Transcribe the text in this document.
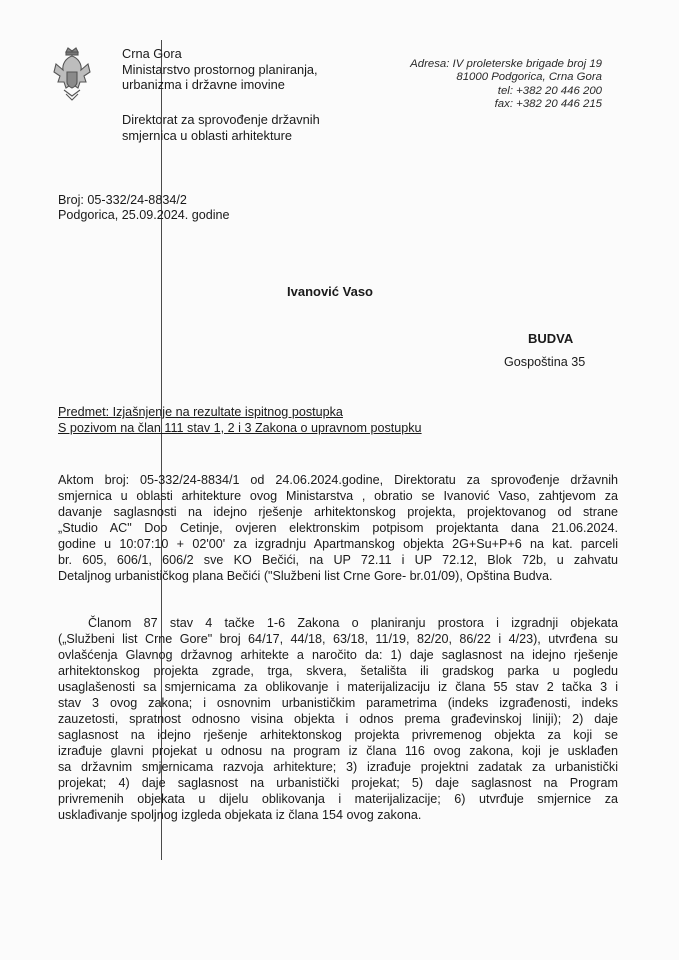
Crna Gora
Ministarstvo prostornog planiranja,
urbanizma i državne imovine
Direktorat za sprovođenje državnih
smjernica u oblasti arhitekture
Adresa: IV proleterske brigade broj 19
81000 Podgorica, Crna Gora
tel: +382 20 446 200
fax: +382 20 446 215
Broj: 05-332/24-8834/2
Podgorica, 25.09.2024. godine
Ivanović Vaso
BUDVA
Gospoština 35
Predmet: Izjašnjenje na rezultate ispitnog postupka
S pozivom na član 111 stav 1, 2 i 3 Zakona o upravnom postupku
Aktom broj: 05-332/24-8834/1 od 24.06.2024.godine, Direktoratu za sprovođenje državnih
smjernica u oblasti arhitekture ovog Ministarstva , obratio se Ivanović Vaso, zahtjevom za
davanje saglasnosti na idejno rješenje arhitektonskog projekta, projektovanog od strane
„Studio AC" Doo Cetinje, ovjeren elektronskim potpisom projektanta dana 21.06.2024.
godine u 10:07:10 + 02'00' za izgradnju Apartmanskog objekta 2G+Su+P+6 na kat. parceli
br. 605, 606/1, 606/2 sve KO Bečići, na UP 72.11 i UP 72.12, Blok 72b, u zahvatu
Detaljnog urbanističkog plana Bečići ("Službeni list Crne Gore- br.01/09), Opština Budva.
Članom 87 stav 4 tačke 1-6 Zakona o planiranju prostora i izgradnji objekata
(„Službeni list Crne Gore" broj 64/17, 44/18, 63/18, 11/19, 82/20, 86/22 i 4/23), utvrđena su
ovlašćenja Glavnog državnog arhitekte a naročito da: 1) daje saglasnost na idejno rješenje
arhitektonskog projekta zgrade, trga, skvera, šetališta ili gradskog parka u pogledu
usaglašenosti sa smjernicama za oblikovanje i materijalizaciju iz člana 55 stav 2 tačka 3 i
stav 3 ovog zakona; i osnovnim urbanističkim parametrima (indeks izgrađenosti, indeks
zauzetosti, spratnost odnosno visina objekta i odnos prema građevinskoj liniji); 2) daje
saglasnost na idejno rješenje arhitektonskog projekta privremenog objekta za koji se
izrađuje glavni projekat u odnosu na program iz člana 116 ovog zakona, koji je usklađen
sa državnim smjernicama razvoja arhitekture; 3) izrađuje projektni zadatak za urbanistički
projekat; 4) daje saglasnost na urbanistički projekat; 5) daje saglasnost na Program
privremenih objekata u dijelu oblikovanja i materijalizacije; 6) utvrđuje smjernice za
usklađivanje spoljnog izgleda objekata iz člana 154 ovog zakona.
